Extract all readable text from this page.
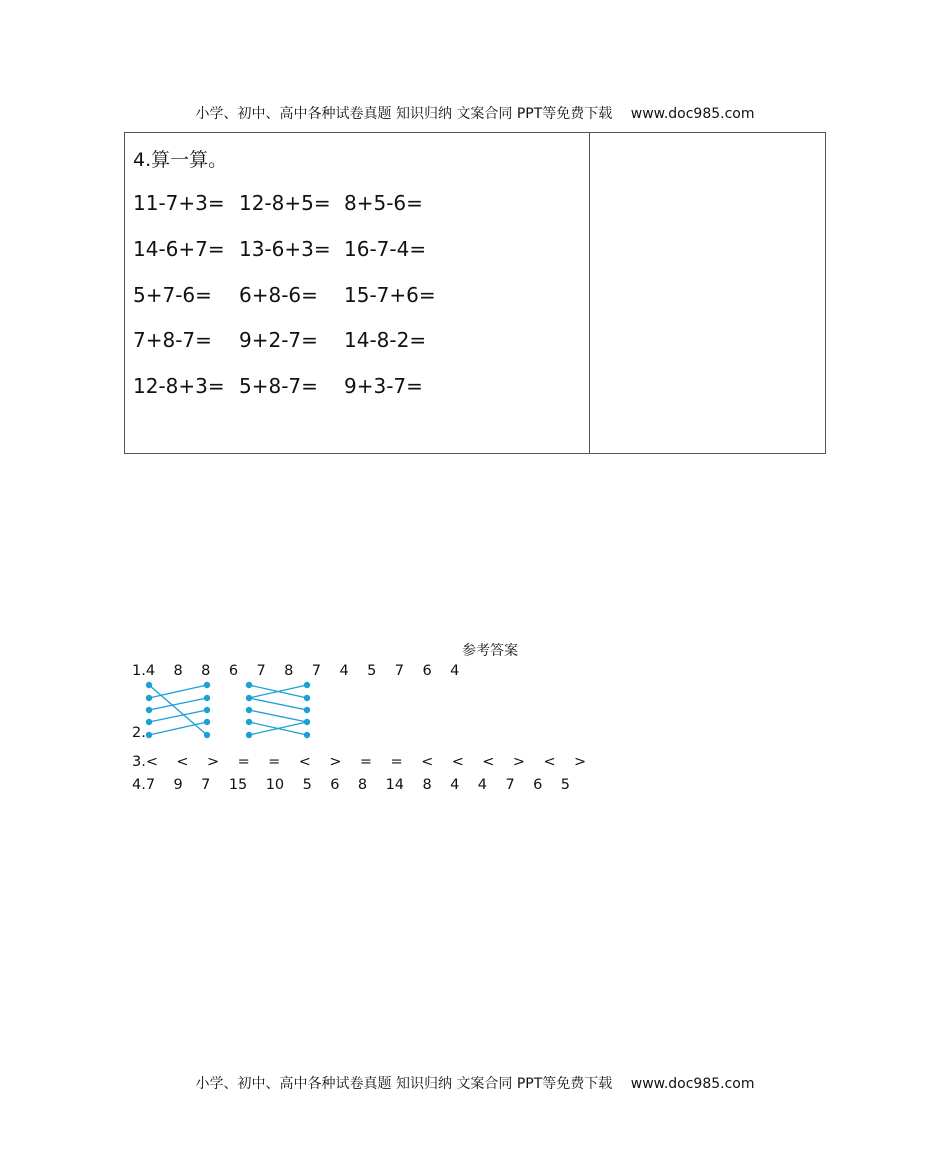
小学、初中、高中各种试卷真题 知识归纳 文案合同 PPT等免费下载 www.doc985.com
4.算一算。
11-7+3= 12-8+5= 8+5-6=
14-6+7= 13-6+3= 16-7-4=
5+7-6= 6+8-6= 15-7+6=
7+8-7= 9+2-7= 14-8-2=
12-8+3= 5+8-7= 9+3-7=
参考答案
1.4    8    8    6    7    8    7    4    5    7    6    4
2.
3.<    <    >    =    =    <    >    =    =    <    <    <    >    <    >
4.7    9    7    15    10    5    6    8    14    8    4    4    7    6    5
小学、初中、高中各种试卷真题 知识归纳 文案合同 PPT等免费下载 www.doc985.com
